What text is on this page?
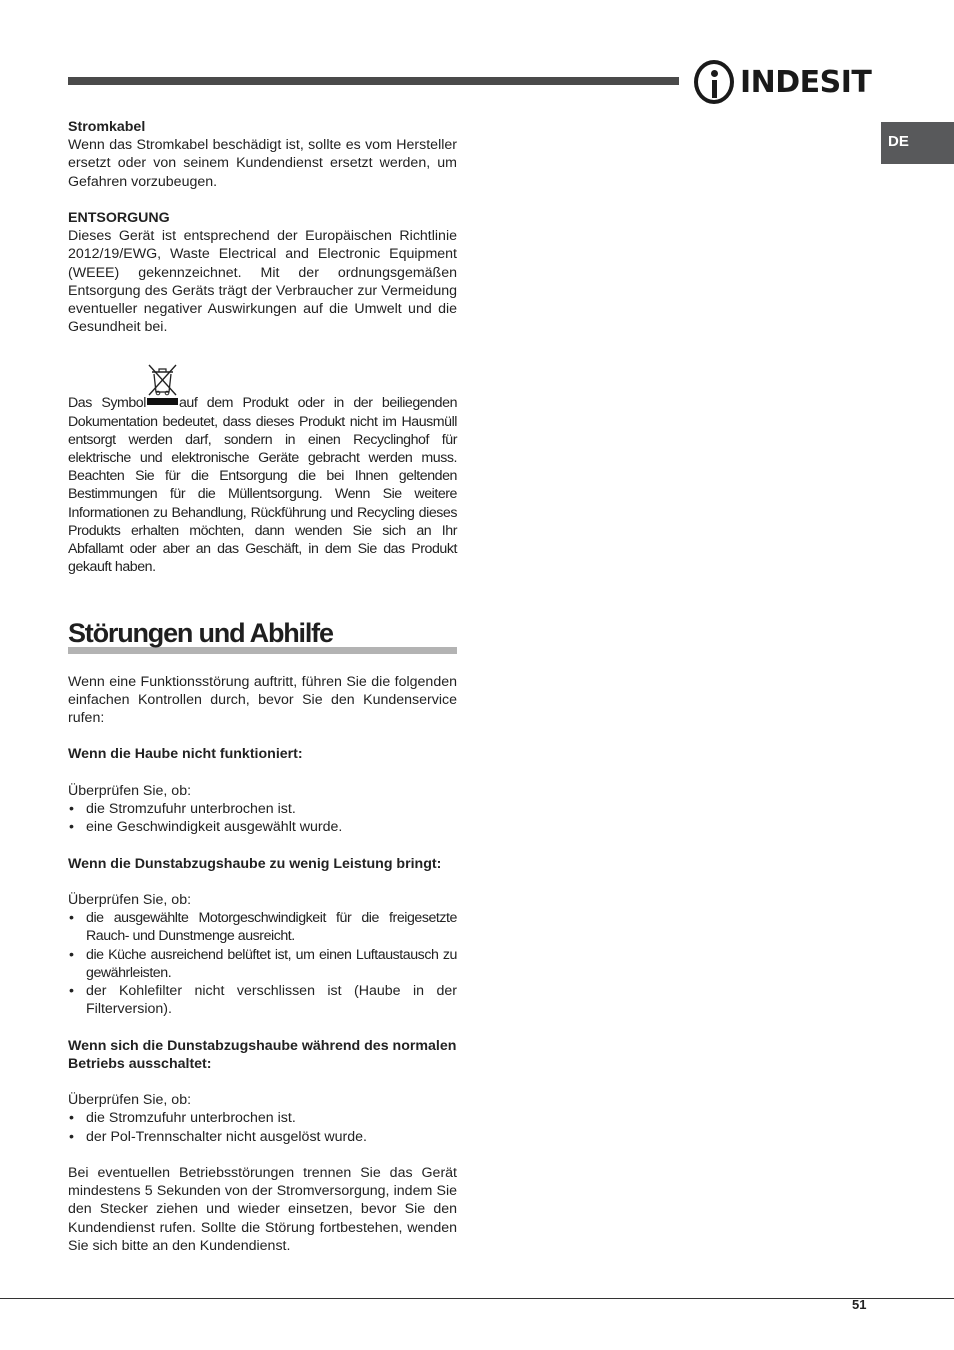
INDESIT
DE
Stromkabel

Wenn das Stromkabel beschädigt ist, sollte es vom Hersteller ersetzt oder von seinem Kundendienst ersetzt werden, um Gefahren vorzubeugen.

ENTSORGUNG

Dieses Gerät ist entsprechend der Europäischen Richtlinie 2012/19/EWG, Waste Electrical and Electronic Equipment (WEEE) gekennzeichnet. Mit der ordnungsgemäßen Entsorgung des Geräts trägt der Verbraucher zur Vermeidung eventueller negativer Auswirkungen auf die Umwelt und die Gesundheit bei.

Das Symbol auf dem Produkt oder in der beiliegenden Dokumentation bedeutet, dass dieses Produkt nicht im Hausmüll entsorgt werden darf, sondern in einen Recyclinghof für elektrische und elektronische Geräte gebracht werden muss. Beachten Sie für die Entsorgung die bei Ihnen geltenden Bestimmungen für die Müllentsorgung. Wenn Sie weitere Informationen zu Behandlung, Rückführung und Recycling dieses Produkts erhalten möchten, dann wenden Sie sich an Ihr Abfallamt oder aber an das Geschäft, in dem Sie das Produkt gekauft haben.

Störungen und Abhilfe

Wenn eine Funktionsstörung auftritt, führen Sie die folgenden einfachen Kontrollen durch, bevor Sie den Kundenservice rufen:

Wenn die Haube nicht funktioniert:
Überprüfen Sie, ob:
• die Stromzufuhr unterbrochen ist.
• eine Geschwindigkeit ausgewählt wurde.
Wenn die Dunstabzugshaube zu wenig Leistung bringt:
Überprüfen Sie, ob:
• die ausgewählte Motorgeschwindigkeit für die freigesetzte Rauch- und Dunstmenge ausreicht.
• die Küche ausreichend belüftet ist, um einen Luftaustausch zu gewährleisten.
• der Kohlefilter nicht verschlissen ist (Haube in der Filterversion).
Wenn sich die Dunstabzugshaube während des normalen Betriebs ausschaltet:
Überprüfen Sie, ob:
• die Stromzufuhr unterbrochen ist.
• der Pol-Trennschalter nicht ausgelöst wurde.

Bei eventuellen Betriebsstörungen trennen Sie das Gerät mindestens 5 Sekunden von der Stromversorgung, indem Sie den Stecker ziehen und wieder einsetzen, bevor Sie den Kundendienst rufen. Sollte die Störung fortbestehen, wenden Sie sich bitte an den Kundendienst.

51
